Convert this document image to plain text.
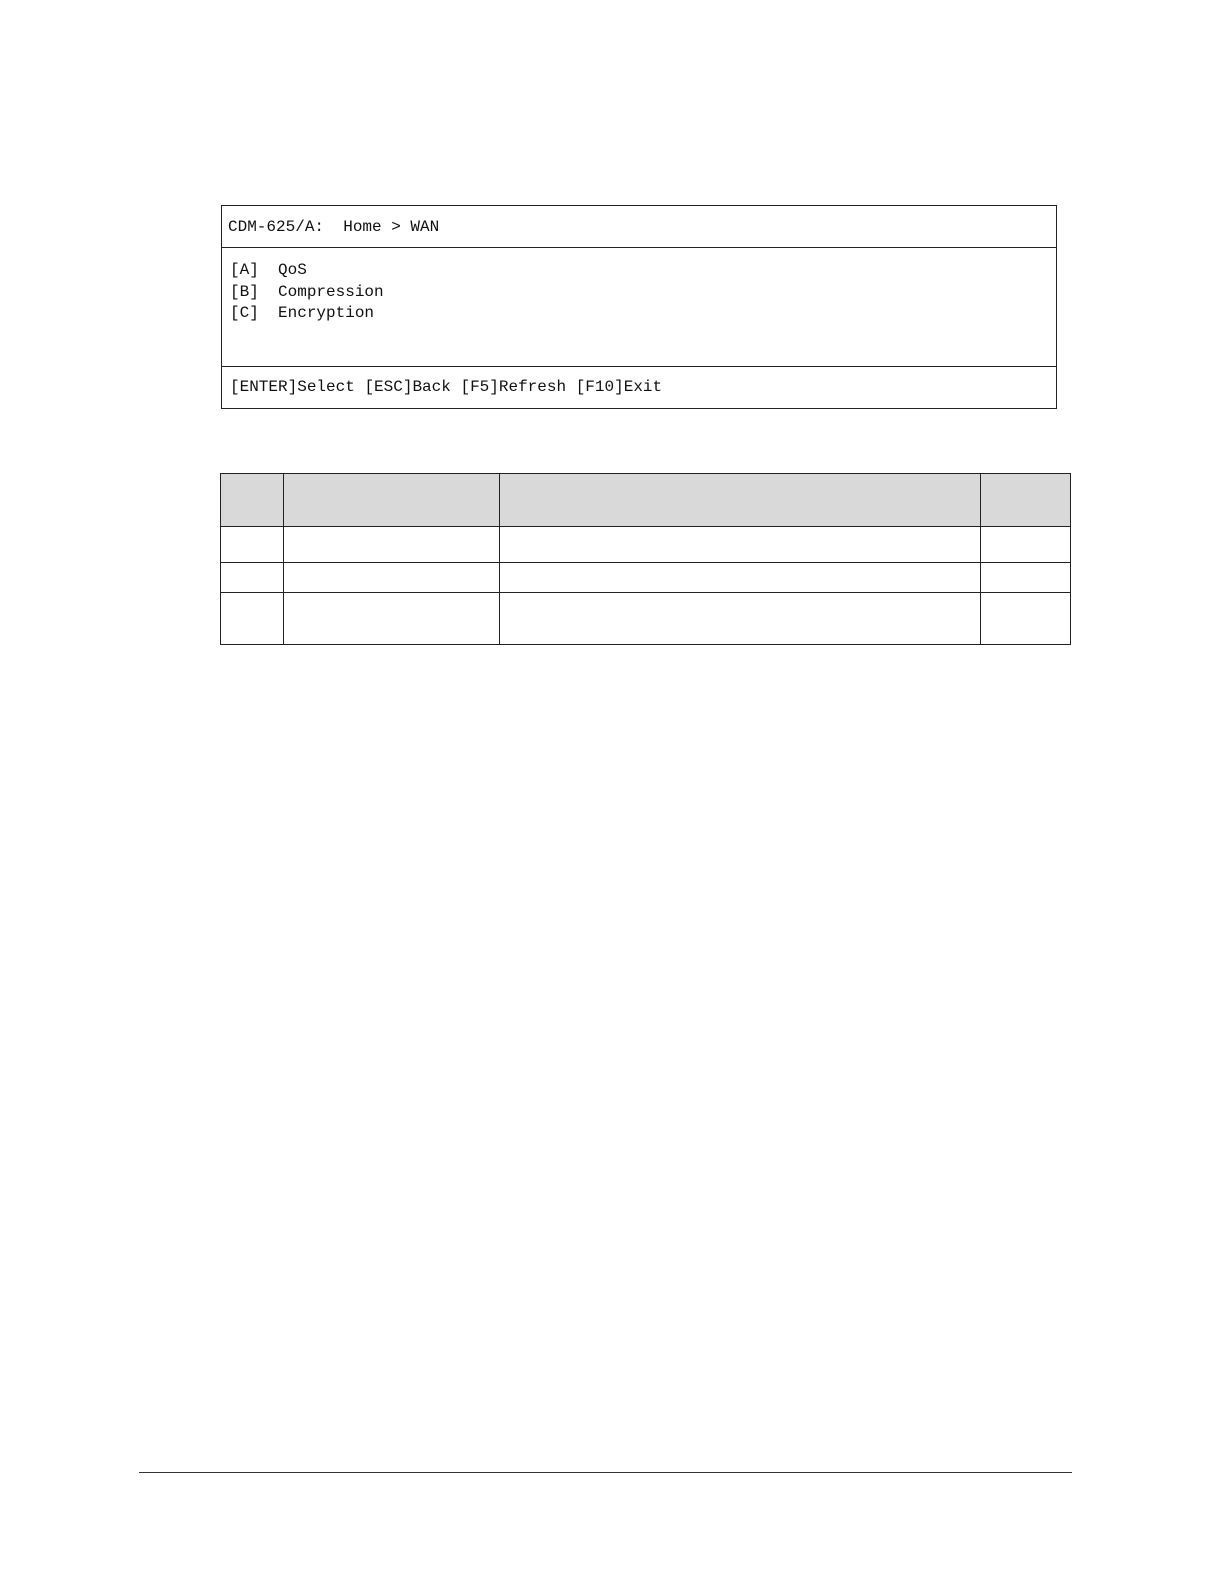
CDM-625/A:  Home > WAN
[A] QoS
[B] Compression
[C] Encryption
[ENTER]Select [ESC]Back [F5]Refresh [F10]Exit
